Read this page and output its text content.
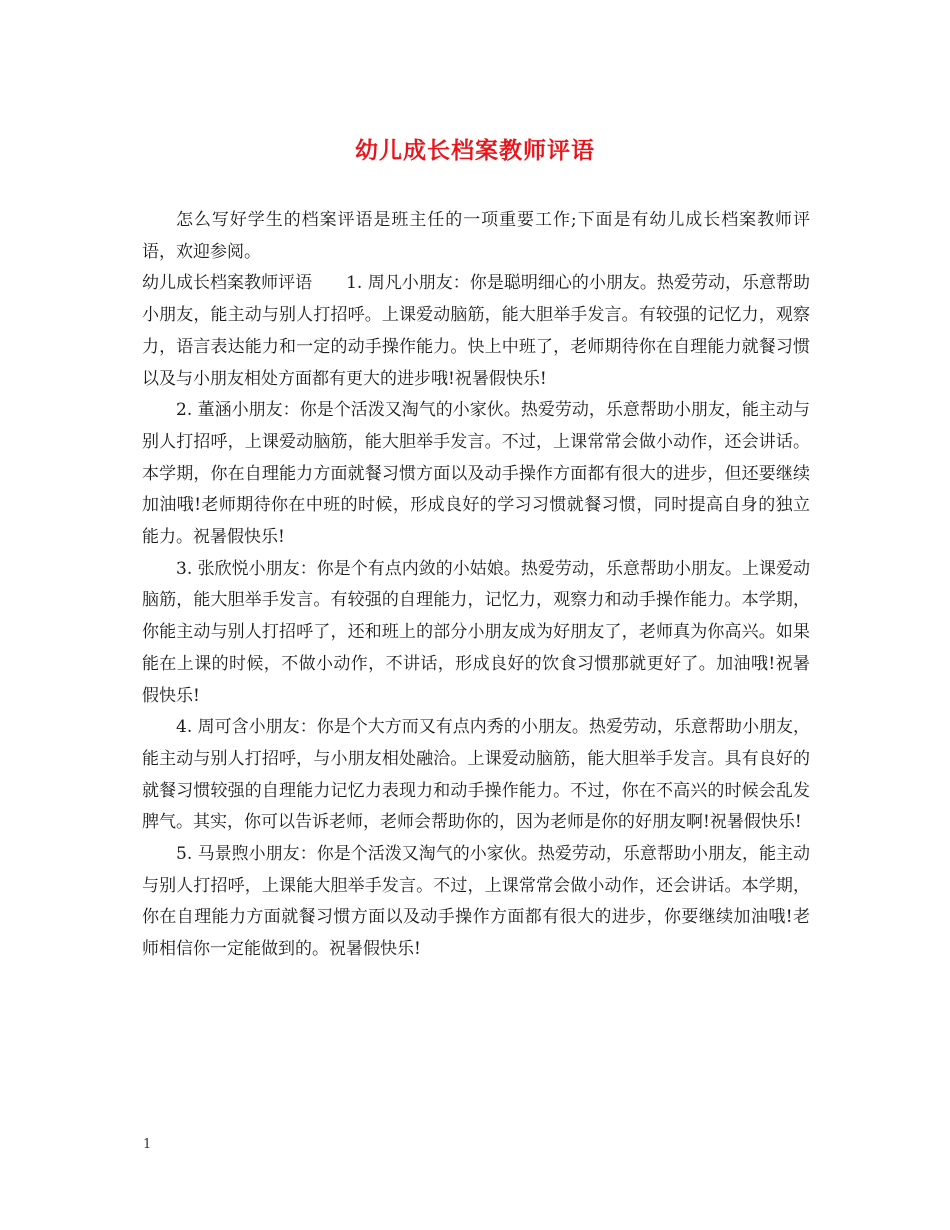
幼儿成长档案教师评语

怎么写好学生的档案评语是班主任的一项重要工作;下面是有幼儿成长档案教师评语，欢迎参阅。

幼儿成长档案教师评语　　1. 周凡小朋友：你是聪明细心的小朋友。热爱劳动，乐意帮助小朋友，能主动与别人打招呼。上课爱动脑筋，能大胆举手发言。有较强的记忆力，观察力，语言表达能力和一定的动手操作能力。快上中班了，老师期待你在自理能力就餐习惯以及与小朋友相处方面都有更大的进步哦!祝暑假快乐!

2. 董涵小朋友：你是个活泼又淘气的小家伙。热爱劳动，乐意帮助小朋友，能主动与别人打招呼，上课爱动脑筋，能大胆举手发言。不过，上课常常会做小动作，还会讲话。本学期，你在自理能力方面就餐习惯方面以及动手操作方面都有很大的进步，但还要继续加油哦!老师期待你在中班的时候，形成良好的学习习惯就餐习惯，同时提高自身的独立能力。祝暑假快乐!

3. 张欣悦小朋友：你是个有点内敛的小姑娘。热爱劳动，乐意帮助小朋友。上课爱动脑筋，能大胆举手发言。有较强的自理能力，记忆力，观察力和动手操作能力。本学期，你能主动与别人打招呼了，还和班上的部分小朋友成为好朋友了，老师真为你高兴。如果能在上课的时候，不做小动作，不讲话，形成良好的饮食习惯那就更好了。加油哦!祝暑假快乐!

4. 周可含小朋友：你是个大方而又有点内秀的小朋友。热爱劳动，乐意帮助小朋友，能主动与别人打招呼，与小朋友相处融洽。上课爱动脑筋，能大胆举手发言。具有良好的就餐习惯较强的自理能力记忆力表现力和动手操作能力。不过，你在不高兴的时候会乱发脾气。其实，你可以告诉老师，老师会帮助你的，因为老师是你的好朋友啊!祝暑假快乐!

5. 马景煦小朋友：你是个活泼又淘气的小家伙。热爱劳动，乐意帮助小朋友，能主动与别人打招呼，上课能大胆举手发言。不过，上课常常会做小动作，还会讲话。本学期，你在自理能力方面就餐习惯方面以及动手操作方面都有很大的进步，你要继续加油哦!老师相信你一定能做到的。祝暑假快乐!

1
